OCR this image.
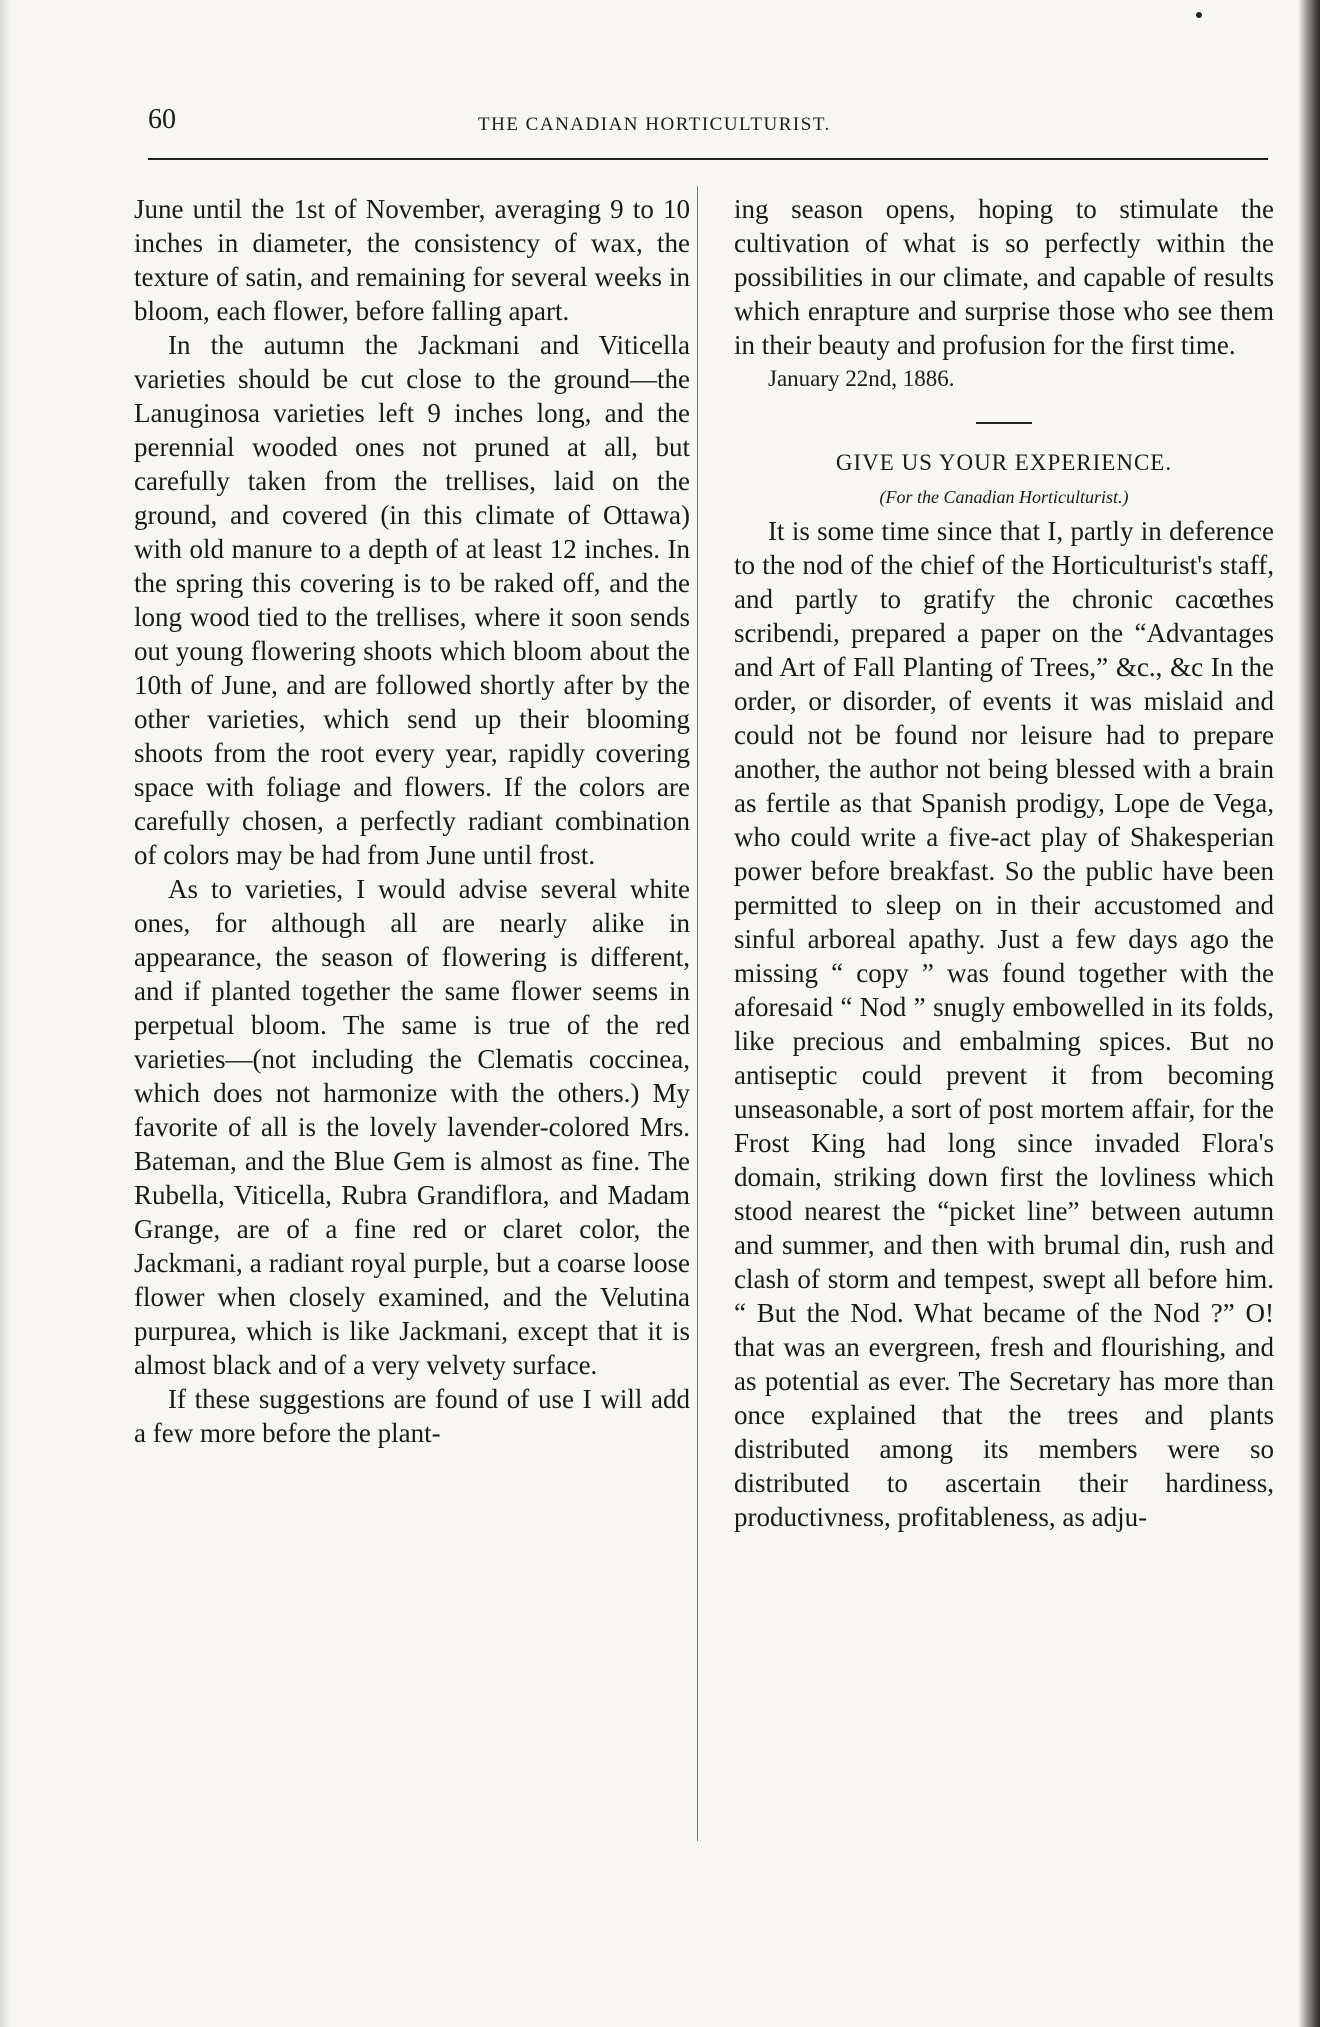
60	THE CANADIAN HORTICULTURIST.

June until the 1st of November, averaging 9 to 10 inches in diameter, the consistency of wax, the texture of satin, and remaining for several weeks in bloom, each flower, before falling apart.

In the autumn the Jackmani and Viticella varieties should be cut close to the ground—the Lanuginosa varieties left 9 inches long, and the perennial wooded ones not pruned at all, but carefully taken from the trellises, laid on the ground, and covered (in this climate of Ottawa) with old manure to a depth of at least 12 inches. In the spring this covering is to be raked off, and the long wood tied to the trellises, where it soon sends out young flowering shoots which bloom about the 10th of June, and are followed shortly after by the other varieties, which send up their blooming shoots from the root every year, rapidly covering space with foliage and flowers. If the colors are carefully chosen, a perfectly radiant combination of colors may be had from June until frost.

As to varieties, I would advise several white ones, for although all are nearly alike in appearance, the season of flowering is different, and if planted together the same flower seems in perpetual bloom. The same is true of the red varieties—(not including the Clematis coccinea, which does not harmonize with the others.) My favorite of all is the lovely lavender-colored Mrs. Bateman, and the Blue Gem is almost as fine. The Rubella, Viticella, Rubra Grandiflora, and Madam Grange, are of a fine red or claret color, the Jackmani, a radiant royal purple, but a coarse loose flower when closely examined, and the Velutina purpurea, which is like Jackmani, except that it is almost black and of a very velvety surface.

If these suggestions are found of use I will add a few more before the plant-

ing season opens, hoping to stimulate the cultivation of what is so perfectly within the possibilities in our climate, and capable of results which enrapture and surprise those who see them in their beauty and profusion for the first time.

January 22nd, 1886.

GIVE US YOUR EXPERIENCE.

(For the Canadian Horticulturist.)

It is some time since that I, partly in deference to the nod of the chief of the Horticulturist's staff, and partly to gratify the chronic cacœthes scribendi, prepared a paper on the “Advantages and Art of Fall Planting of Trees,” &c., &c In the order, or disorder, of events it was mislaid and could not be found nor leisure had to prepare another, the author not being blessed with a brain as fertile as that Spanish prodigy, Lope de Vega, who could write a five-act play of Shakesperian power before breakfast. So the public have been permitted to sleep on in their accustomed and sinful arboreal apathy. Just a few days ago the missing “ copy ” was found together with the aforesaid “ Nod ” snugly embowelled in its folds, like precious and embalming spices. But no antiseptic could prevent it from becoming unseasonable, a sort of post mortem affair, for the Frost King had long since invaded Flora's domain, striking down first the lovliness which stood nearest the “picket line” between autumn and summer, and then with brumal din, rush and clash of storm and tempest, swept all before him. “ But the Nod. What became of the Nod ?” O! that was an evergreen, fresh and flourishing, and as potential as ever. The Secretary has more than once explained that the trees and plants distributed among its members were so distributed to ascertain their hardiness, productivness, profitableness, as adju-
